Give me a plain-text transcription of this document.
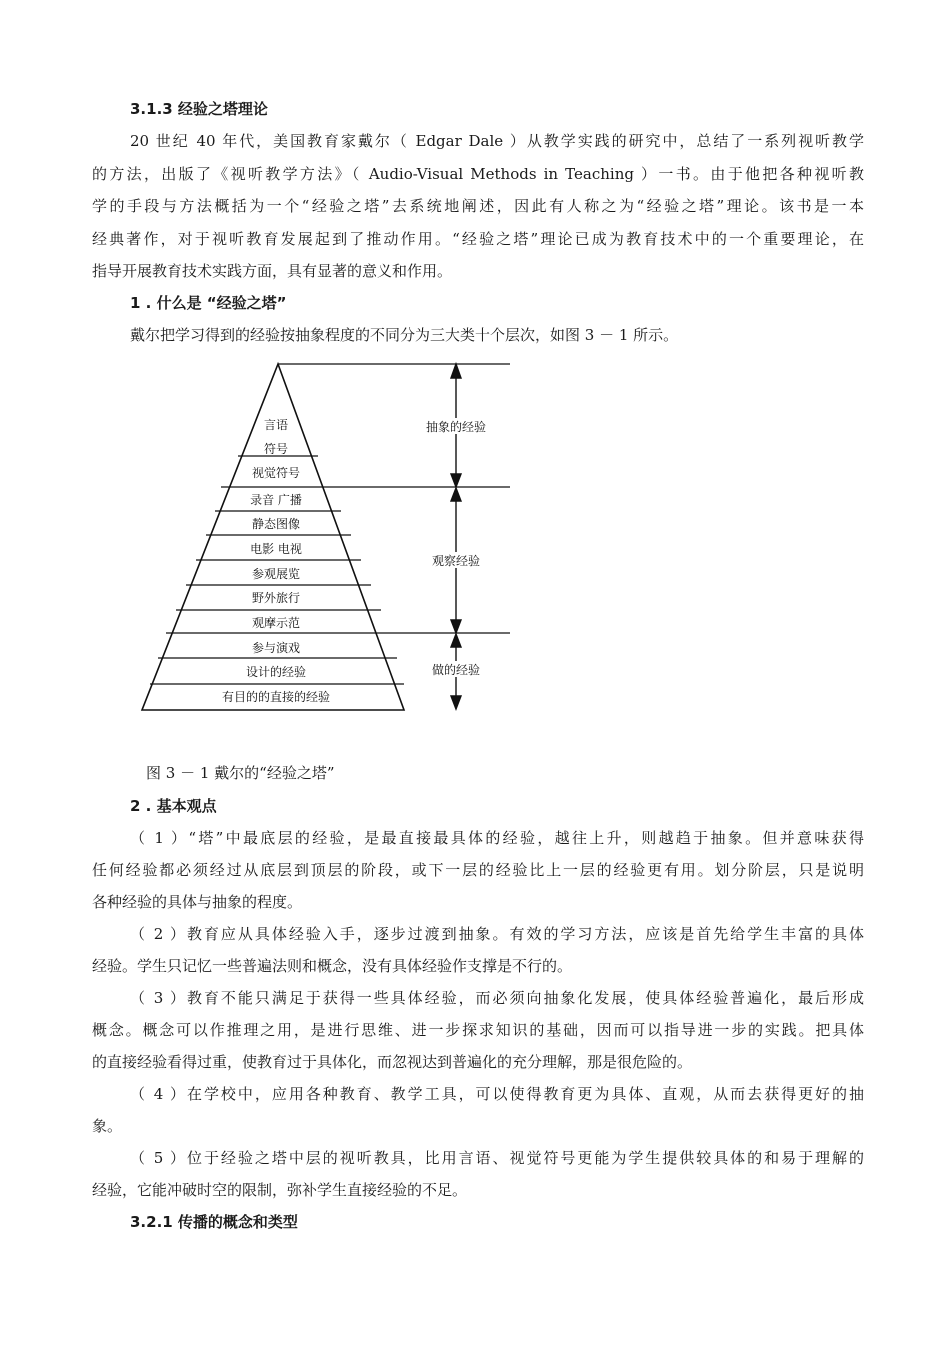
3.1.3 经验之塔理论
20 世纪 40 年代，美国教育家戴尔（ Edgar Dale ）从教学实践的研究中，总结了一系列视听教学
的方法，出版了《视听教学方法》（ Audio-Visual Methods in Teaching ）一书。由于他把各种视听教
学的手段与方法概括为一个“经验之塔”去系统地阐述，因此有人称之为“经验之塔”理论。该书是一本
经典著作，对于视听教育发展起到了推动作用。“经验之塔”理论已成为教育技术中的一个重要理论，在
指导开展教育技术实践方面，具有显著的意义和作用。
1 . 什么是 “经验之塔”
戴尔把学习得到的经验按抽象程度的不同分为三大类十个层次，如图 3 － 1 所示。
言语
符号
视觉符号
录音 广播
静态图像
电影 电视
参观展览
野外旅行
观摩示范
参与演戏
设计的经验
有目的的直接的经验
抽象的经验
观察经验
做的经验
图 3 － 1 戴尔的“经验之塔”
2 . 基本观点
（ 1 ）“塔”中最底层的经验，是最直接最具体的经验，越往上升，则越趋于抽象。但并意味获得
任何经验都必须经过从底层到顶层的阶段，或下一层的经验比上一层的经验更有用。划分阶层，只是说明
各种经验的具体与抽象的程度。
（ 2 ）教育应从具体经验入手，逐步过渡到抽象。有效的学习方法，应该是首先给学生丰富的具体
经验。学生只记忆一些普遍法则和概念，没有具体经验作支撑是不行的。
（ 3 ）教育不能只满足于获得一些具体经验，而必须向抽象化发展，使具体经验普遍化，最后形成
概念。概念可以作推理之用，是进行思维、进一步探求知识的基础，因而可以指导进一步的实践。把具体
的直接经验看得过重，使教育过于具体化，而忽视达到普遍化的充分理解，那是很危险的。
（ 4 ）在学校中，应用各种教育、教学工具，可以使得教育更为具体、直观，从而去获得更好的抽
象。
（ 5 ）位于经验之塔中层的视听教具，比用言语、视觉符号更能为学生提供较具体的和易于理解的
经验，它能冲破时空的限制，弥补学生直接经验的不足。
3.2.1 传播的概念和类型
